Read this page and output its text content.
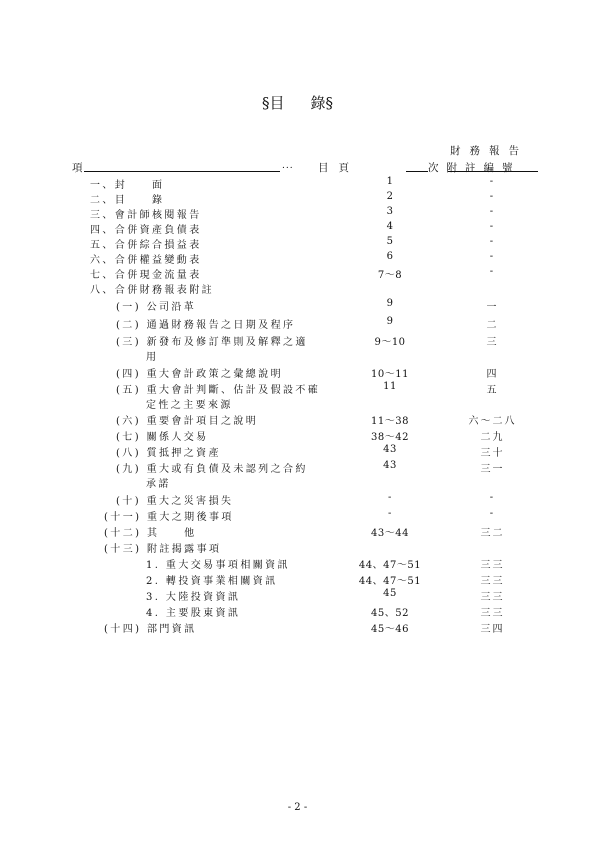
§目 錄§
財務報告
項	... 目頁	次附註編號
一、封　　面	1	-
二、目　　錄	2	-
三、會計師核閱報告	3	-
四、合併資產負債表	4	-
五、合併綜合損益表	5	-
六、合併權益變動表	6	-
七、合併現金流量表	7～8	-
八、合併財務報表附註
(一) 公司沿革	9	一
(二) 通過財務報告之日期及程序	9	二
(三) 新發布及修訂準則及解釋之適	9～10	三
用
(四) 重大會計政策之彙總說明	10～11	四
(五) 重大會計判斷、估計及假設不確	11	五
定性之主要來源
(六) 重要會計項目之說明	11～38	六～二八
(七) 關係人交易	38～42	二九
(八) 質抵押之資產	43	三十
(九) 重大或有負債及未認列之合約	43	三一
承諾
(十) 重大之災害損失	-	-
(十一) 重大之期後事項	-	-
(十二) 其　　他	43～44	三二
(十三) 附註揭露事項
1. 重大交易事項相關資訊	44、47～51	三三
2. 轉投資事業相關資訊	44、47～51	三三
3. 大陸投資資訊	45	三三
4. 主要股東資訊	45、52	三三
(十四) 部門資訊	45～46	三四
- 2 -
